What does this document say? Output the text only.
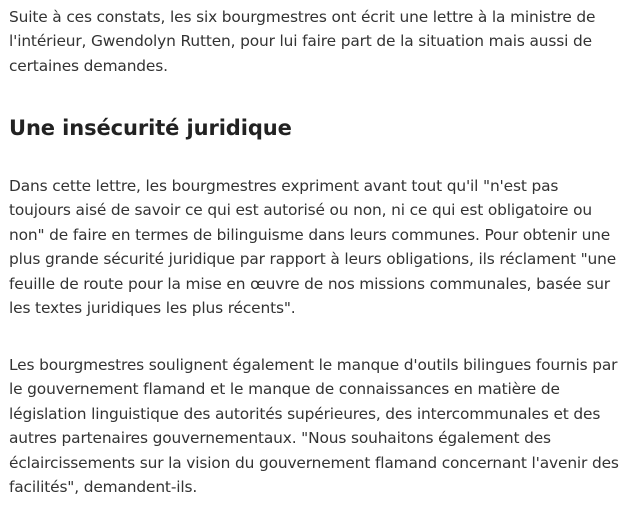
Suite à ces constats, les six bourgmestres ont écrit une lettre à la ministre de l'intérieur, Gwendolyn Rutten, pour lui faire part de la situation mais aussi de certaines demandes.

Une insécurité juridique

Dans cette lettre, les bourgmestres expriment avant tout qu'il "n'est pas toujours aisé de savoir ce qui est autorisé ou non, ni ce qui est obligatoire ou non" de faire en termes de bilinguisme dans leurs communes. Pour obtenir une plus grande sécurité juridique par rapport à leurs obligations, ils réclament "une feuille de route pour la mise en œuvre de nos missions communales, basée sur les textes juridiques les plus récents".

Les bourgmestres soulignent également le manque d'outils bilingues fournis par le gouvernement flamand et le manque de connaissances en matière de législation linguistique des autorités supérieures, des intercommunales et des autres partenaires gouvernementaux. "Nous souhaitons également des éclaircissements sur la vision du gouvernement flamand concernant l'avenir des facilités", demandent-ils.
